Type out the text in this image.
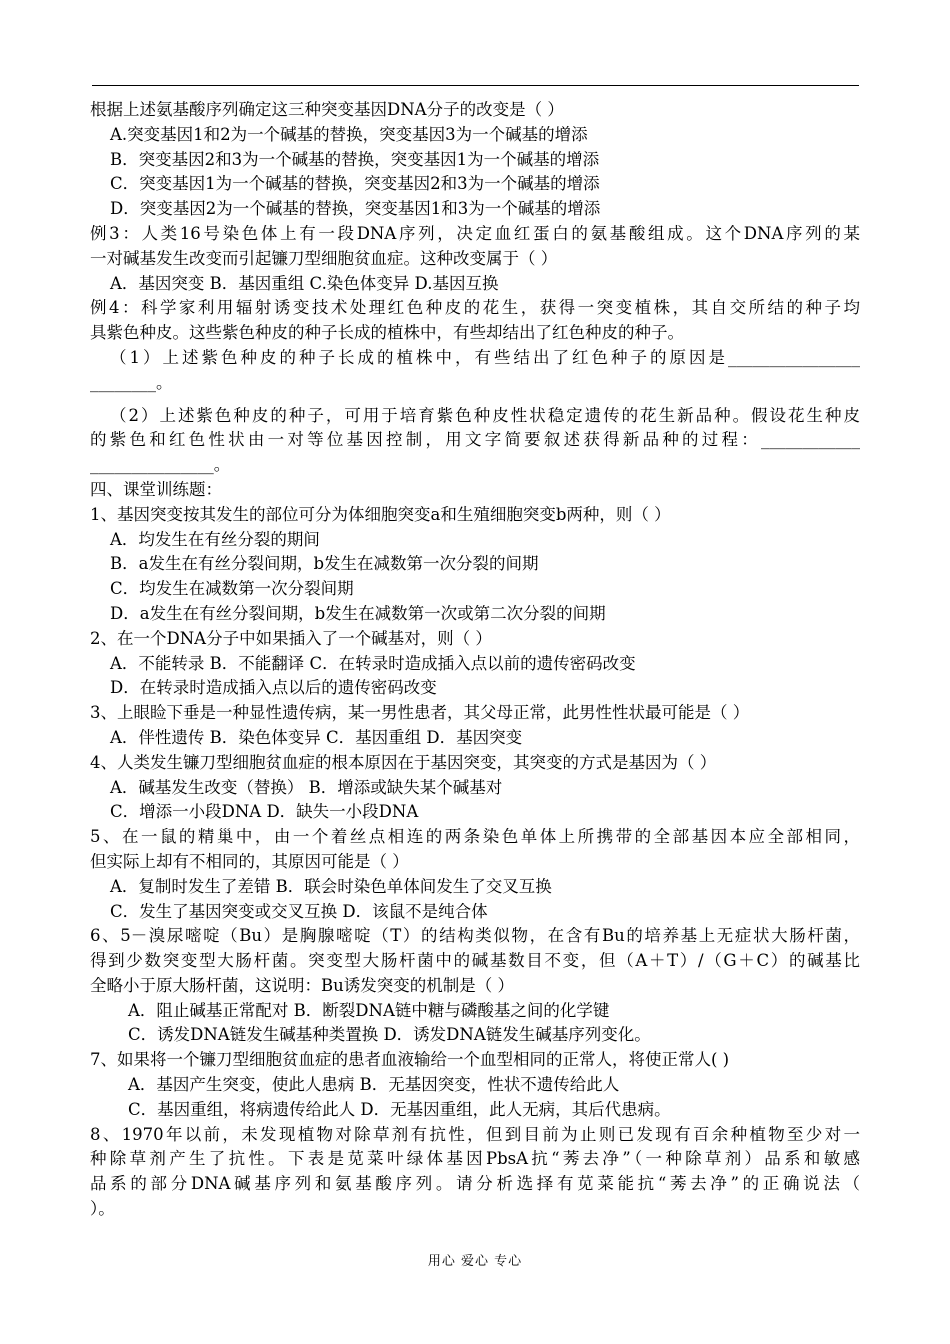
根据上述氨基酸序列确定这三种突变基因DNA分子的改变是（ ）
A.突变基因1和2为一个碱基的替换，突变基因3为一个碱基的增添
B．突变基因2和3为一个碱基的替换，突变基因1为一个碱基的增添
C．突变基因1为一个碱基的替换，突变基因2和3为一个碱基的增添
D．突变基因2为一个碱基的替换，突变基因1和3为一个碱基的增添
例3：人类16号染色体上有一段DNA序列，决定血红蛋白的氨基酸组成。这个DNA序列的某
一对碱基发生改变而引起镰刀型细胞贫血症。这种改变属于（ ）
A．基因突变 B．基因重组 C.染色体变异 D.基因互换
例4：科学家利用辐射诱变技术处理红色种皮的花生，获得一突变植株，其自交所结的种子均
具紫色种皮。这些紫色种皮的种子长成的植株中，有些却结出了红色种皮的种子。
（1）上述紫色种皮的种子长成的植株中，有些结出了红色种子的原因是________________
________。
（2）上述紫色种皮的种子，可用于培育紫色种皮性状稳定遗传的花生新品种。假设花生种皮
的紫色和红色性状由一对等位基因控制，用文字简要叙述获得新品种的过程：____________
_______________。
四、课堂训练题：
1、基因突变按其发生的部位可分为体细胞突变a和生殖细胞突变b两种，则（ ）
A．均发生在有丝分裂的期间
B．a发生在有丝分裂间期，b发生在减数第一次分裂的间期
C．均发生在减数第一次分裂间期
D．a发生在有丝分裂间期，b发生在减数第一次或第二次分裂的间期
2、在一个DNA分子中如果插入了一个碱基对，则（ ）
A．不能转录 B．不能翻译 C．在转录时造成插入点以前的遗传密码改变
D．在转录时造成插入点以后的遗传密码改变
3、上眼睑下垂是一种显性遗传病，某一男性患者，其父母正常，此男性性状最可能是（ ）
A．伴性遗传 B．染色体变异 C．基因重组 D．基因突变
4、人类发生镰刀型细胞贫血症的根本原因在于基因突变，其突变的方式是基因为（ ）
A．碱基发生改变（替换） B．增添或缺失某个碱基对
C．增添一小段DNA D．缺失一小段DNA
5、在一鼠的精巢中，由一个着丝点相连的两条染色单体上所携带的全部基因本应全部相同，
但实际上却有不相同的，其原因可能是（ ）
A．复制时发生了差错 B．联会时染色单体间发生了交叉互换
C．发生了基因突变或交叉互换 D．该鼠不是纯合体
6、5－溴尿嘧啶（Bu）是胸腺嘧啶（T）的结构类似物，在含有Bu的培养基上无症状大肠杆菌，
得到少数突变型大肠杆菌。突变型大肠杆菌中的碱基数目不变，但（A＋T）/（G＋C）的碱基比
全略小于原大肠杆菌，这说明：Bu诱发突变的机制是（ ）
A．阻止碱基正常配对 B．断裂DNA链中糖与磷酸基之间的化学键
C．诱发DNA链发生碱基种类置换 D．诱发DNA链发生碱基序列变化。
7、如果将一个镰刀型细胞贫血症的患者血液输给一个血型相同的正常人，将使正常人( )
A．基因产生突变，使此人患病 B．无基因突变，性状不遗传给此人
C．基因重组，将病遗传给此人 D．无基因重组，此人无病，其后代患病。
8、1970年以前，未发现植物对除草剂有抗性，但到目前为止则已发现有百余种植物至少对一
种除草剂产生了抗性。下表是苋菜叶绿体基因PbsA抗“莠去净”（一种除草剂）品系和敏感
品系的部分DNA碱基序列和氨基酸序列。请分析选择有苋菜能抗“莠去净”的正确说法（
）。
用心 爱心 专心
